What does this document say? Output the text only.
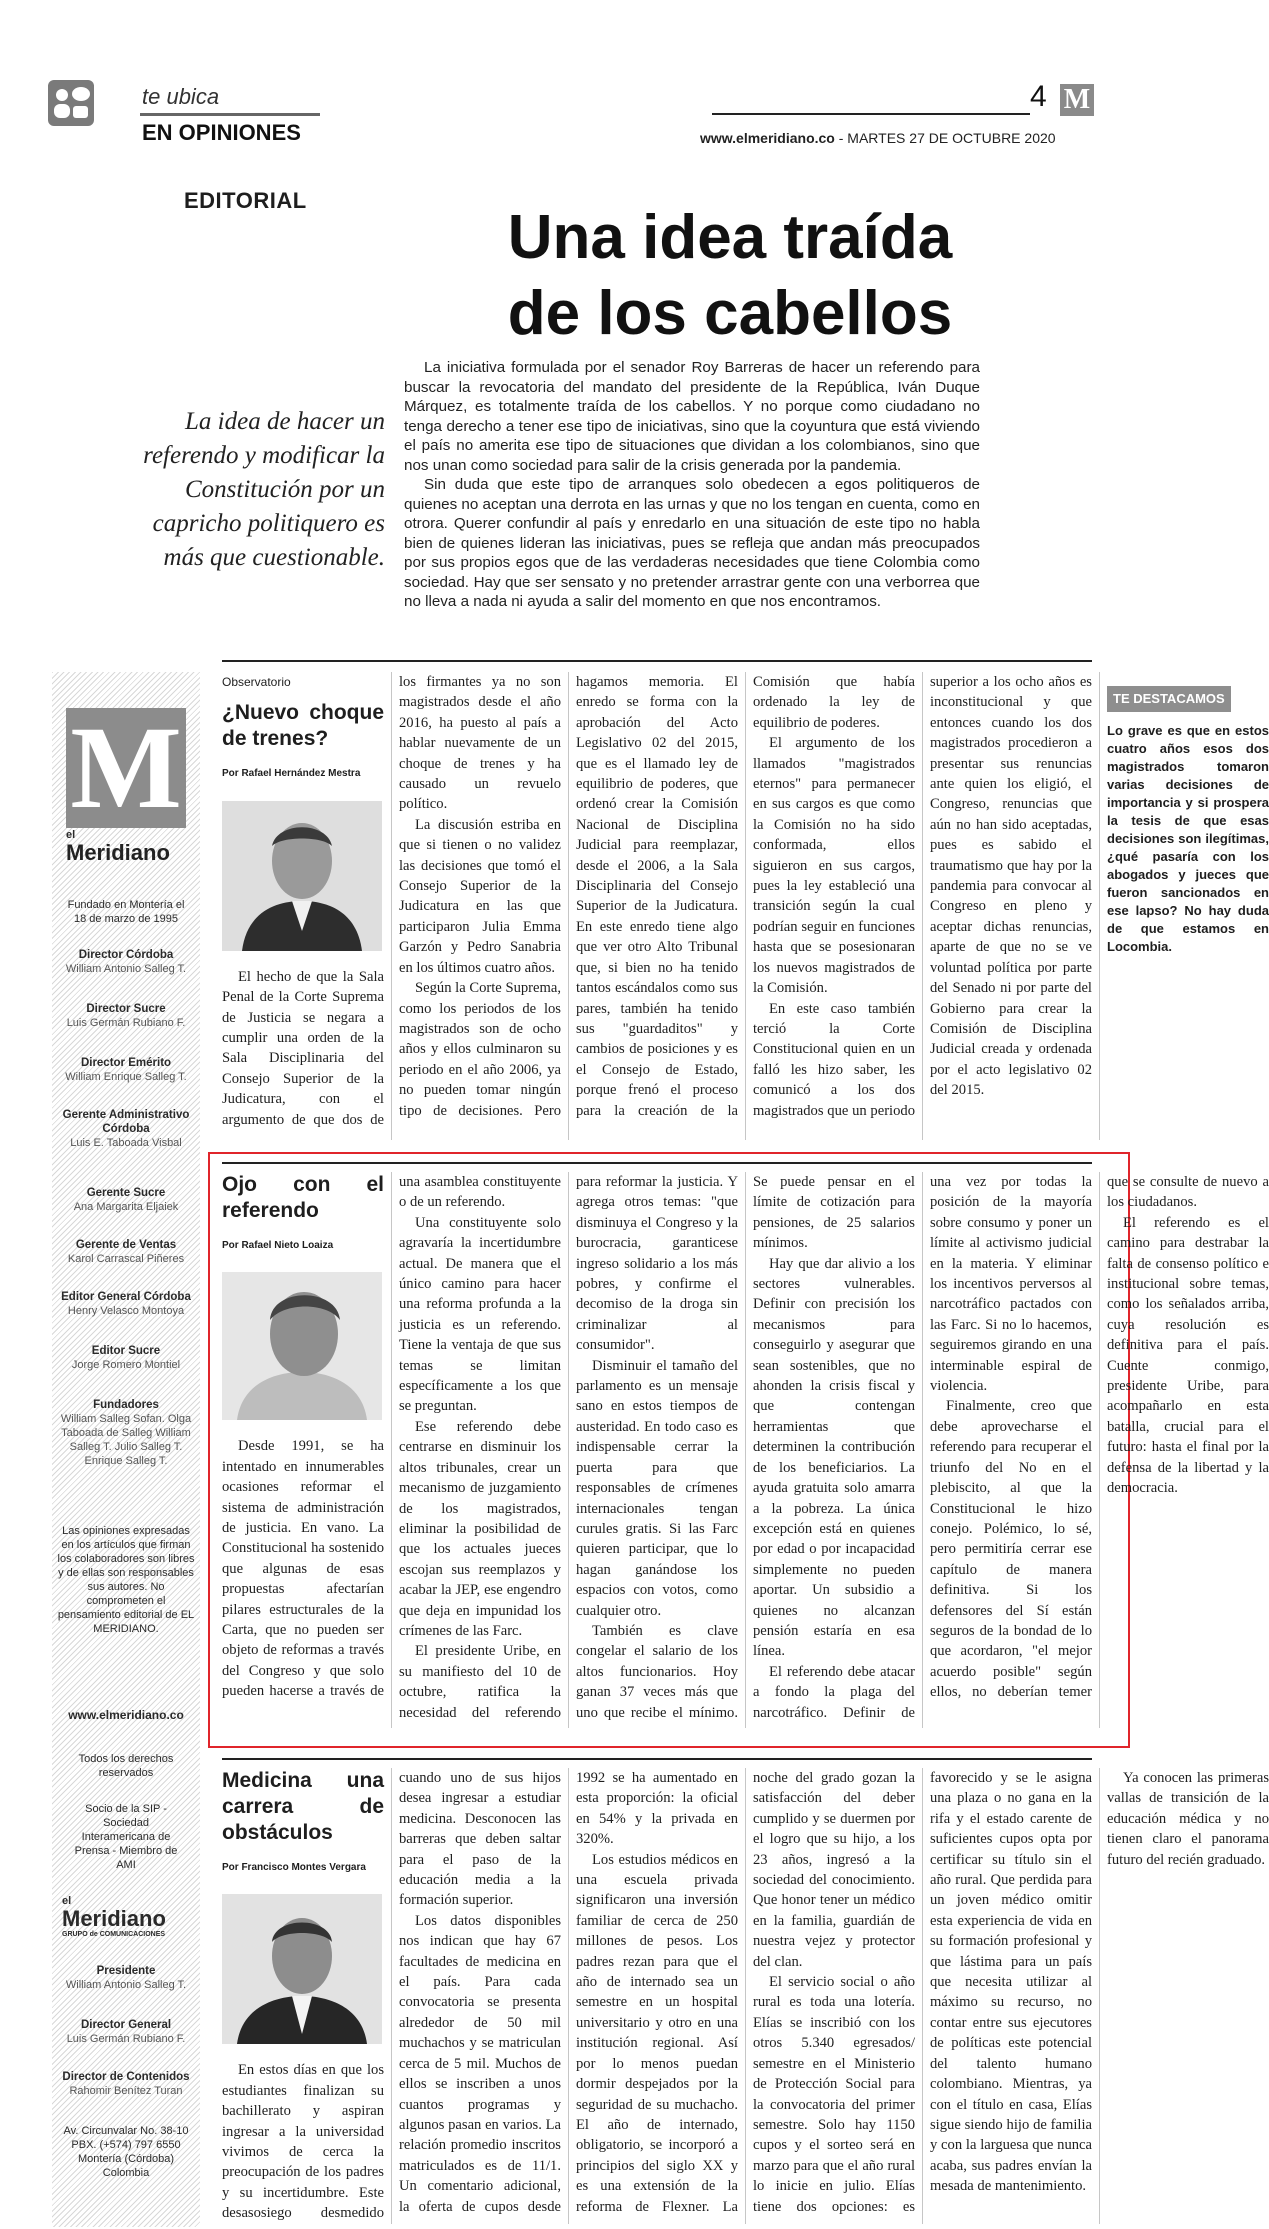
te ubica
EN OPINIONES
4 M
www.elmeridiano.co - MARTES 27 DE OCTUBRE 2020
EDITORIAL
Una idea traída
de los cabellos
La idea de hacer un referendo y modificar la Constitución por un capricho politiquero es más que cuestionable.

La iniciativa formulada por el senador Roy Barreras de hacer un referendo para buscar la revocatoria del mandato del presidente de la República, Iván Duque Márquez, es totalmente traída de los cabellos. Y no porque como ciudadano no tenga derecho a tener ese tipo de iniciativas, sino que la coyuntura que está viviendo el país no amerita ese tipo de situaciones que dividan a los colombianos, sino que nos unan como sociedad para salir de la crisis generada por la pandemia.

Sin duda que este tipo de arranques solo obedecen a egos politiqueros de quienes no aceptan una derrota en las urnas y que no los tengan en cuenta, como en otrora. Querer confundir al país y enredarlo en una situación de este tipo no habla bien de quienes lideran las iniciativas, pues se refleja que andan más preocupados por sus propios egos que de las verdaderas necesidades que tiene Colombia como sociedad. Hay que ser sensato y no pretender arrastrar gente con una verborrea que no lleva a nada ni ayuda a salir del momento en que nos encontramos.

M
el
Meridiano
Fundado en Montería el 18 de marzo de 1995
Director Córdoba
William Antonio Salleg T.
Director Sucre
Luis Germán Rubiano F.
Director Emérito
William Enrique Salleg T.
Gerente Administrativo Córdoba
Luis E. Taboada Visbal
Gerente Sucre
Ana Margarita Eljaiek
Gerente de Ventas
Karol Carrascal Piñeres
Editor General Córdoba
Henry Velasco Montoya
Editor Sucre
Jorge Romero Montiel
Fundadores
William Salleg Sofan. Olga Taboada de Salleg William Salleg T. Julio Salleg T. Enrique Salleg T.
Las opiniones expresadas en los artículos que firman los colaboradores son libres y de ellas son responsables sus autores. No comprometen el pensamiento editorial de EL MERIDIANO.
www.elmeridiano.co
Todos los derechos reservados
Socio de la SIP - Sociedad Interamericana de Prensa - Miembro de AMI
el
Meridiano
GRUPO de COMUNICACIONES
Presidente
William Antonio Salleg T.
Director General
Luis Germán Rubiano F.
Director de Contenidos
Rahomir Benítez Turan
Av. Circunvalar No. 38-10 PBX. (+574) 797 6550 Montería (Córdoba) Colombia
Observatorio
¿Nuevo choque de trenes?
Por Rafael Hernández Mestra

El hecho de que la Sala Penal de la Corte Suprema de Justicia se negara a cumplir una orden de la Sala Disciplinaria del Consejo Superior de la Judicatura, con el argumento de que dos de los firmantes ya no son magistrados desde el año 2016, ha puesto al país a hablar nuevamente de un choque de trenes y ha causado un revuelo político.

La discusión estriba en que si tienen o no validez las decisiones que tomó el Consejo Superior de la Judicatura en las que participaron Julia Emma Garzón y Pedro Sanabria en los últimos cuatro años.

Según la Corte Suprema, como los periodos de los magistrados son de ocho años y ellos culminaron su periodo en el año 2006, ya no pueden tomar ningún tipo de decisiones. Pero hagamos memoria. El enredo se forma con la aprobación del Acto Legislativo 02 del 2015, que es el llamado ley de equilibrio de poderes, que ordenó crear la Comisión Nacional de Disciplina Judicial para reemplazar, desde el 2006, a la Sala Disciplinaria del Consejo Superior de la Judicatura. En este enredo tiene algo que ver otro Alto Tribunal que, si bien no ha tenido tantos escándalos como sus pares, también ha tenido sus "guardaditos" y cambios de posiciones y es el Consejo de Estado, porque frenó el proceso para la creación de la Comisión que había ordenado la ley de equilibrio de poderes.

El argumento de los llamados "magistrados eternos" para permanecer en sus cargos es que como la Comisión no ha sido conformada, ellos siguieron en sus cargos, pues la ley estableció una transición según la cual podrían seguir en funciones hasta que se posesionaran los nuevos magistrados de la Comisión.

En este caso también terció la Corte Constitucional quien en un falló les hizo saber, les comunicó a los dos magistrados que un periodo superior a los ocho años es inconstitucional y que entonces cuando los dos magistrados procedieron a presentar sus renuncias ante quien los eligió, el Congreso, renuncias que aún no han sido aceptadas, pues es sabido el traumatismo que hay por la pandemia para convocar al Congreso en pleno y aceptar dichas renuncias, aparte de que no se ve voluntad política por parte del Senado ni por parte del Gobierno para crear la Comisión de Disciplina Judicial creada y ordenada por el acto legislativo 02 del 2015.

TE DESTACAMOS
Lo grave es que en estos cuatro años esos dos magistrados tomaron varias decisiones de importancia y si prospera la tesis de que esas decisiones son ilegítimas, ¿qué pasaría con los abogados y jueces que fueron sancionados en ese lapso? No hay duda de que estamos en Locombia.
Ojo con el referendo
Por Rafael Nieto Loaiza

Desde 1991, se ha intentado en innumerables ocasiones reformar el sistema de administración de justicia. En vano. La Constitucional ha sostenido que algunas de esas propuestas afectarían pilares estructurales de la Carta, que no pueden ser objeto de reformas a través del Congreso y que solo pueden hacerse a través de una asamblea constituyente o de un referendo.

Una constituyente solo agravaría la incertidumbre actual. De manera que el único camino para hacer una reforma profunda a la justicia es un referendo. Tiene la ventaja de que sus temas se limitan específicamente a los que se preguntan.

Ese referendo debe centrarse en disminuir los altos tribunales, crear un mecanismo de juzgamiento de los magistrados, eliminar la posibilidad de que los actuales jueces escojan sus reemplazos y acabar la JEP, ese engendro que deja en impunidad los crímenes de las Farc.

El presidente Uribe, en su manifiesto del 10 de octubre, ratifica la necesidad del referendo para reformar la justicia. Y agrega otros temas: "que disminuya el Congreso y la burocracia, garanticese ingreso solidario a los más pobres, y confirme el decomiso de la droga sin criminalizar al consumidor".

Disminuir el tamaño del parlamento es un mensaje sano en estos tiempos de austeridad. En todo caso es indispensable cerrar la puerta para que responsables de crímenes internacionales tengan curules gratis. Si las Farc quieren participar, que lo hagan ganándose los espacios con votos, como cualquier otro.

También es clave congelar el salario de los altos funcionarios. Hoy ganan 37 veces más que uno que recibe el mínimo. Se puede pensar en el límite de cotización para pensiones, de 25 salarios mínimos.

Hay que dar alivio a los sectores vulnerables. Definir con precisión los mecanismos para conseguirlo y asegurar que sean sostenibles, que no ahonden la crisis fiscal y que contengan herramientas que determinen la contribución de los beneficiarios. La ayuda gratuita solo amarra a la pobreza. La única excepción está en quienes por edad o por incapacidad simplemente no pueden aportar. Un subsidio a quienes no alcanzan pensión estaría en esa línea.

El referendo debe atacar a fondo la plaga del narcotráfico. Definir de una vez por todas la posición de la mayoría sobre consumo y poner un límite al activismo judicial en la materia. Y eliminar los incentivos perversos al narcotráfico pactados con las Farc. Si no lo hacemos, seguiremos girando en una interminable espiral de violencia.

Finalmente, creo que debe aprovecharse el referendo para recuperar el triunfo del No en el plebiscito, al que la Constitucional le hizo conejo. Polémico, lo sé, pero permitiría cerrar ese capítulo de manera definitiva. Si los defensores del Sí están seguros de la bondad de lo que acordaron, "el mejor acuerdo posible" según ellos, no deberían temer que se consulte de nuevo a los ciudadanos.

El referendo es el camino para destrabar la falta de consenso político e institucional sobre temas, como los señalados arriba, cuya resolución es definitiva para el país. Cuente conmigo, presidente Uribe, para acompañarlo en esta batalla, crucial para el futuro: hasta el final por la defensa de la libertad y la democracia.

Medicina una carrera de obstáculos
Por Francisco Montes Vergara

En estos días en que los estudiantes finalizan su bachillerato y aspiran ingresar a la universidad vivimos de cerca la preocupación de los padres y su incertidumbre. Este desasosiego desmedido cuando uno de sus hijos desea ingresar a estudiar medicina. Desconocen las barreras que deben saltar para el paso de la educación media a la formación superior.

Los datos disponibles nos indican que hay 67 facultades de medicina en el país. Para cada convocatoria se presenta alrededor de 50 mil muchachos y se matriculan cerca de 5 mil. Muchos de ellos se inscriben a unos cuantos programas y algunos pasan en varios. La relación promedio inscritos matriculados es de 11/1. Un comentario adicional, la oferta de cupos desde 1992 se ha aumentado en esta proporción: la oficial en 54% y la privada en 320%.

Los estudios médicos en una escuela privada significaron una inversión familiar de cerca de 250 millones de pesos. Los padres rezan para que el año de internado sea un semestre en un hospital universitario y otro en una institución regional. Así por lo menos puedan dormir despejados por la seguridad de su muchacho. El año de internado, obligatorio, se incorporó a principios del siglo XX y es una extensión de la reforma de Flexner. La noche del grado gozan la satisfacción del deber cumplido y se duermen por el logro que su hijo, a los 23 años, ingresó a la sociedad del conocimiento. Que honor tener un médico en la familia, guardián de nuestra vejez y protector del clan.

El servicio social o año rural es toda una lotería. Elías se inscribió con los otros 5.340 egresados/ semestre en el Ministerio de Protección Social para la convocatoria del primer semestre. Solo hay 1150 cupos y el sorteo será en marzo para que el año rural lo inicie en julio. Elías tiene dos opciones: es favorecido y se le asigna una plaza o no gana en la rifa y el estado carente de suficientes cupos opta por certificar su título sin el año rural. Que perdida para un joven médico omitir esta experiencia de vida en su formación profesional y que lástima para un país que necesita utilizar al máximo su recurso, no contar entre sus ejecutores de políticas este potencial del talento humano colombiano. Mientras, ya con el título en casa, Elías sigue siendo hijo de familia y con la larguesa que nunca acaba, sus padres envían la mesada de mantenimiento.

Ya conocen las primeras vallas de transición de la educación médica y no tienen claro el panorama futuro del recién graduado.
